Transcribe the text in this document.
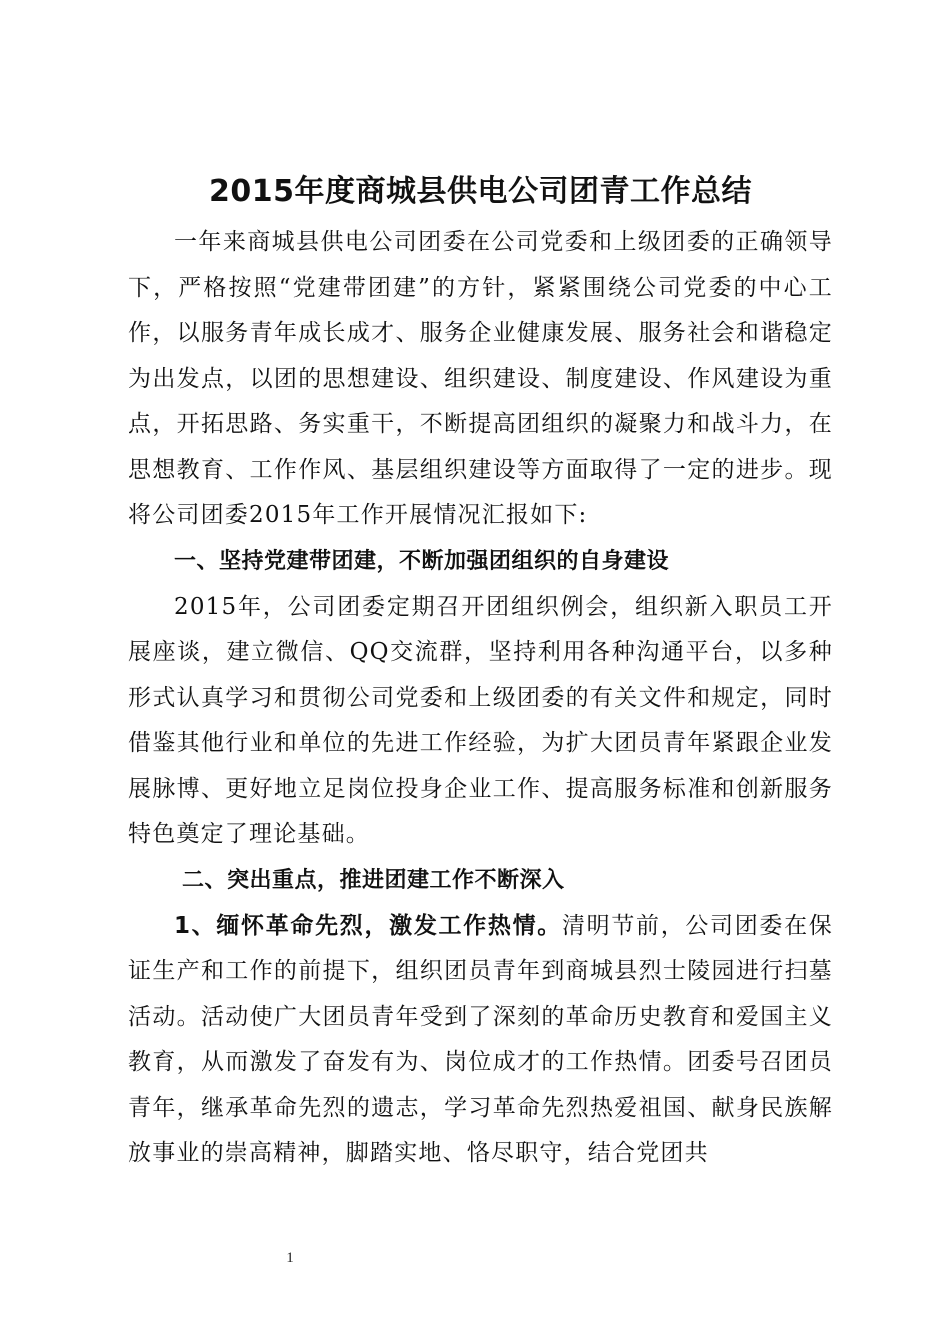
2015年度商城县供电公司团青工作总结

一年来商城县供电公司团委在公司党委和上级团委的正确领导下，严格按照“党建带团建”的方针，紧紧围绕公司党委的中心工作，以服务青年成长成才、服务企业健康发展、服务社会和谐稳定为出发点，以团的思想建设、组织建设、制度建设、作风建设为重点，开拓思路、务实重干，不断提高团组织的凝聚力和战斗力，在思想教育、工作作风、基层组织建设等方面取得了一定的进步。现将公司团委2015年工作开展情况汇报如下:

一、坚持党建带团建，不断加强团组织的自身建设

2015年，公司团委定期召开团组织例会，组织新入职员工开展座谈，建立微信、QQ交流群，坚持利用各种沟通平台，以多种形式认真学习和贯彻公司党委和上级团委的有关文件和规定，同时借鉴其他行业和单位的先进工作经验，为扩大团员青年紧跟企业发展脉博、更好地立足岗位投身企业工作、提高服务标准和创新服务特色奠定了理论基础。

二、突出重点，推进团建工作不断深入

1、缅怀革命先烈，激发工作热情。清明节前，公司团委在保证生产和工作的前提下，组织团员青年到商城县烈士陵园进行扫墓活动。活动使广大团员青年受到了深刻的革命历史教育和爱国主义教育，从而激发了奋发有为、岗位成才的工作热情。团委号召团员青年，继承革命先烈的遗志，学习革命先烈热爱祖国、献身民族解放事业的崇高精神，脚踏实地、恪尽职守，结合党团共

1
